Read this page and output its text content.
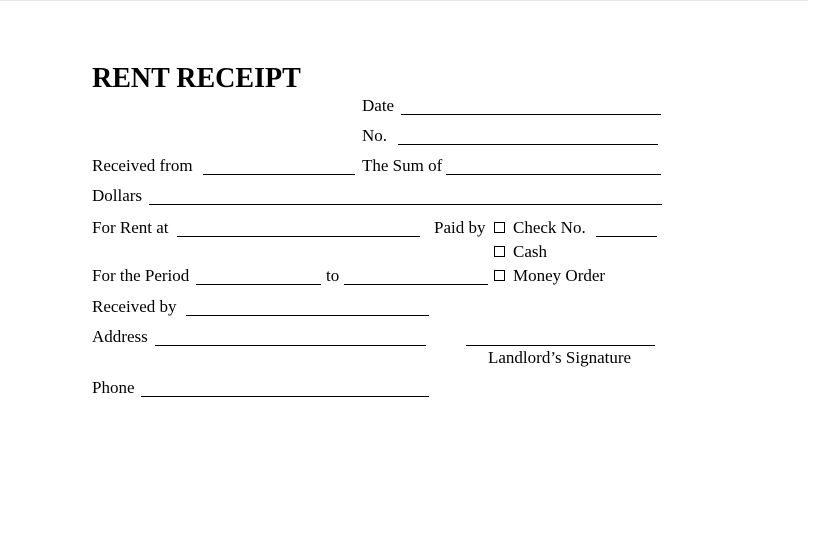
RENT RECEIPT
Date
No.
Received from	The Sum of
Dollars
For Rent at	Paid by Check No.
Cash
For the Period	to	Money Order
Received by
Address
Landlord’s Signature
Phone
